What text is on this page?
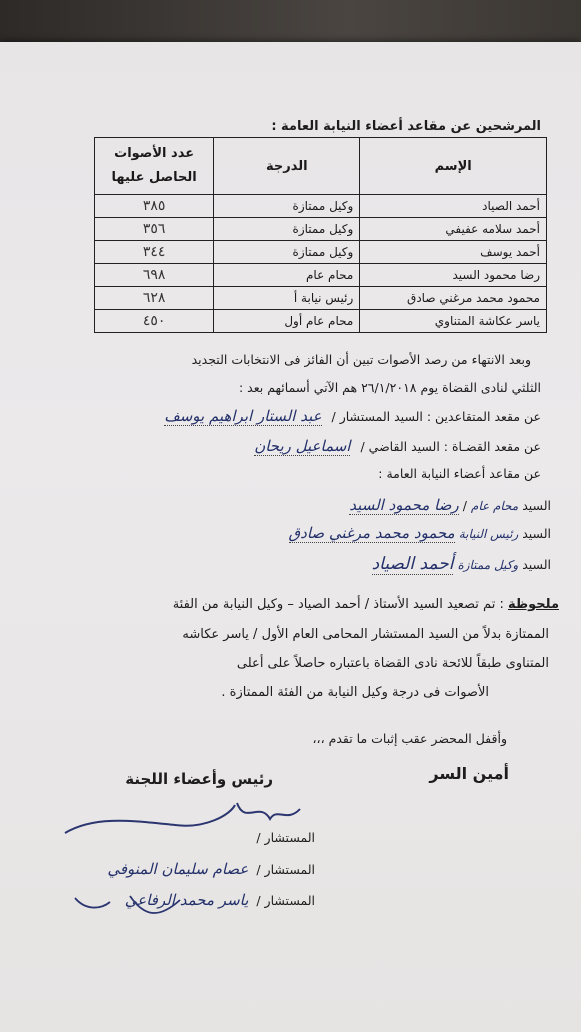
المرشحين عن مقاعد أعضاء النيابة العامة :
الإسم	الدرجة	عدد الأصوات الحاصل عليها
أحمد الصياد	وكيل ممتازة	٣٨٥
أحمد سلامه عفيفي	وكيل ممتازة	٣٥٦
أحمد يوسف	وكيل ممتازة	٣٤٤
رضا محمود السيد	محام عام	٦٩٨
محمود محمد مرغني صادق	رئيس نيابة أ	٦٢٨
ياسر عكاشة المتناوي	محام عام أول	٤٥٠
وبعد الانتهاء من رصد الأصوات تبين أن الفائز فى الانتخابات التجديد
الثلثي لنادى القضاة يوم ٢٦/١/٢٠١٨ هم الآتي أسمائهم بعد :
عن مقعد المتقاعدين : السيد المستشار / عبد الستار ابراهيم يوسف
عن مقعد القضـاة : السيد القاضي / اسماعيل ريحان
عن مقاعد أعضاء النيابة العامة :
السيد محام عام / رضا محمود السيد
السيد رئيس النيابة محمود محمد مرغني صادق
السيد وكيل ممتازة أحمد الصياد
ملحوظة : تم تصعيد السيد الأستاذ / أحمد الصياد – وكيل النيابة من الفئة
الممتازة بدلاً من السيد المستشار المحامى العام الأول / ياسر عكاشه
المتناوى طبقاً للائحة نادى القضاة باعتباره حاصلاً على أعلى
الأصوات فى درجة وكيل النيابة من الفئة الممتازة .
وأقفل المحضر عقب إثبات ما تقدم ،،،
أمين السر
رئيس وأعضاء اللجنة
المستشار /
المستشار / عصام سليمان المنوفي
المستشار / ياسر محمد الرفاعي
